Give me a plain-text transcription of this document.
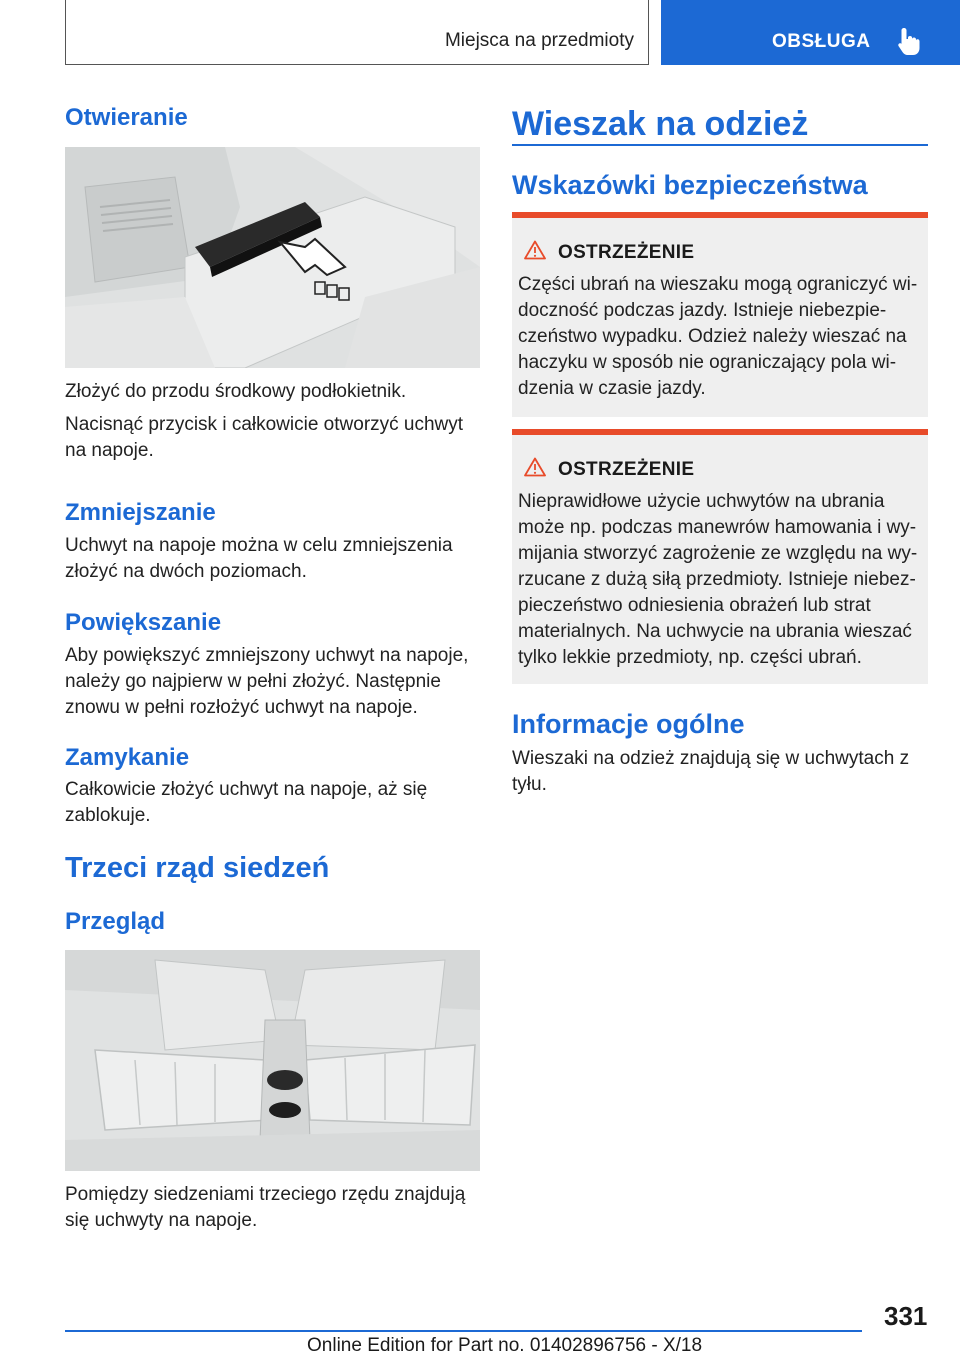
Miejsca na przedmioty	OBSŁUGA
Otwieranie
Złożyć do przodu środkowy podłokietnik.
Nacisnąć przycisk i całkowicie otworzyć uchwyt na napoje.
Zmniejszanie
Uchwyt na napoje można w celu zmniejszenia złożyć na dwóch poziomach.
Powiększanie
Aby powiększyć zmniejszony uchwyt na napoje, należy go najpierw w pełni złożyć. Następnie znowu w pełni rozłożyć uchwyt na napoje.
Zamykanie
Całkowicie złożyć uchwyt na napoje, aż się zablokuje.
Trzeci rząd siedzeń
Przegląd
Pomiędzy siedzeniami trzeciego rzędu znajdują się uchwyty na napoje.
Wieszak na odzież
Wskazówki bezpieczeństwa
OSTRZEŻENIE
Części ubrań na wieszaku mogą ograniczyć widoczność podczas jazdy. Istnieje niebezpieczeństwo wypadku. Odzież należy wieszać na haczyku w sposób nie ograniczający pola widzenia w czasie jazdy.
OSTRZEŻENIE
Nieprawidłowe użycie uchwytów na ubrania może np. podczas manewrów hamowania i wymijania stworzyć zagrożenie ze względu na wyrzucane z dużą siłą przedmioty. Istnieje niebezpieczeństwo odniesienia obrażeń lub strat materialnych. Na uchwycie na ubrania wieszać tylko lekkie przedmioty, np. części ubrań.
Informacje ogólne
Wieszaki na odzież znajdują się w uchwytach z tyłu.
331
Online Edition for Part no. 01402896756 - X/18
